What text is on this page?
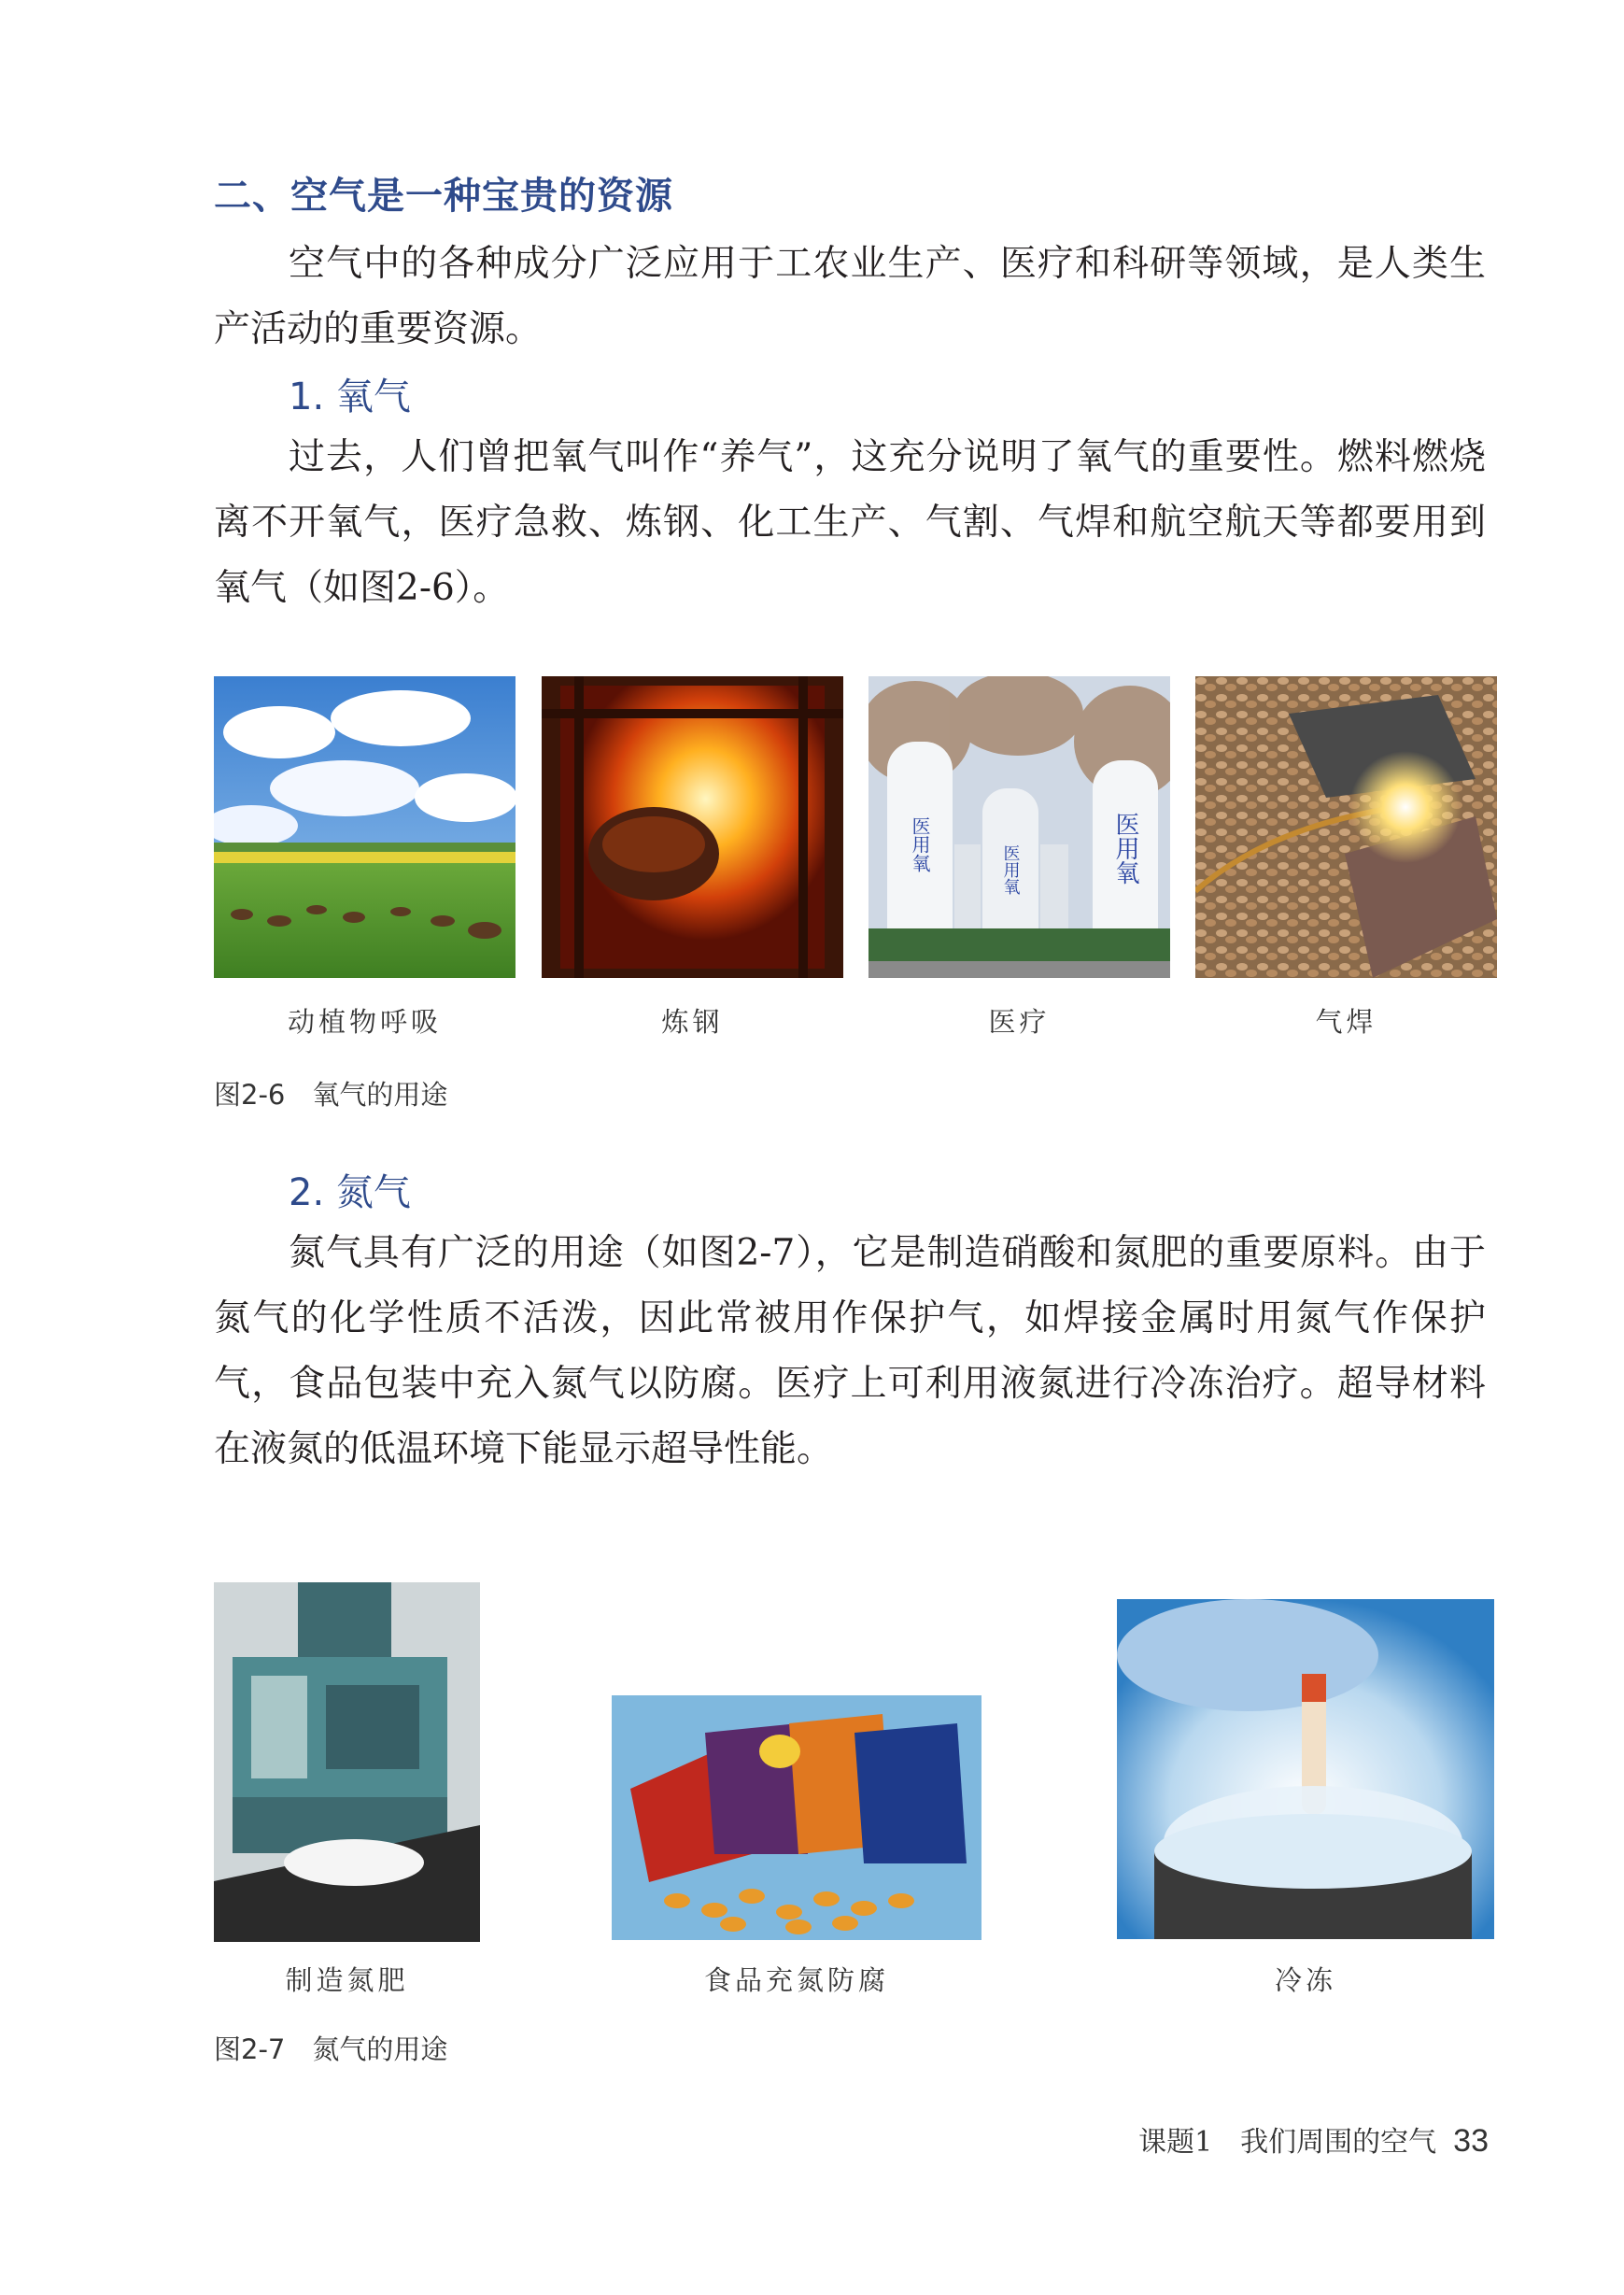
二、空气是一种宝贵的资源

空气中的各种成分广泛应用于工农业生产、医疗和科研等领域，是人类生产活动的重要资源。

1. 氧气

过去，人们曾把氧气叫作“养气”，这充分说明了氧气的重要性。燃料燃烧离不开氧气，医疗急救、炼钢、化工生产、气割、气焊和航空航天等都要用到氧气（如图2-6）。

医用氧	医用氧	医用氧
动植物呼吸	炼钢	医疗	气焊
图2-6　氧气的用途
2. 氮气

氮气具有广泛的用途（如图2-7），它是制造硝酸和氮肥的重要原料。由于氮气的化学性质不活泼，因此常被用作保护气，如焊接金属时用氮气作保护气，食品包装中充入氮气以防腐。医疗上可利用液氮进行冷冻治疗。超导材料在液氮的低温环境下能显示超导性能。

制造氮肥	食品充氮防腐	冷冻
图2-7　氮气的用途
课题1　我们周围的空气 33
